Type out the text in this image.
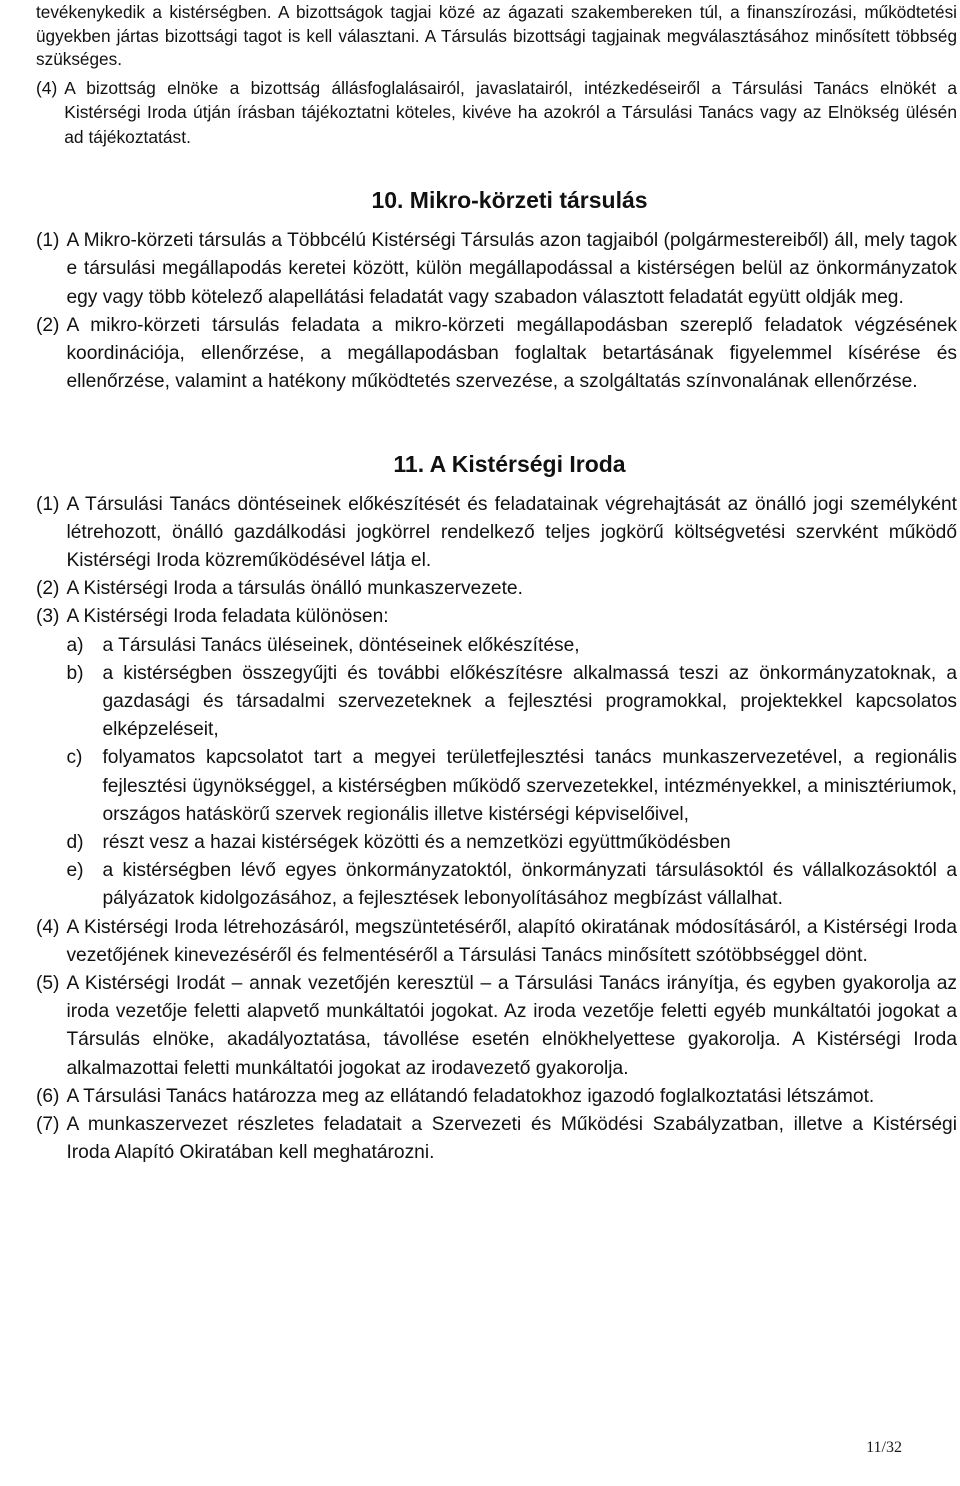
tevékenykedik a kistérségben. A bizottságok tagjai közé az ágazati szakembereken túl, a finanszírozási, működtetési ügyekben jártas bizottsági tagot is kell választani. A Társulás bizottsági tagjainak megválasztásához minősített többség szükséges.

(4) A bizottság elnöke a bizottság állásfoglalásairól, javaslatairól, intézkedéseiről a Társulási Tanács elnökét a Kistérségi Iroda útján írásban tájékoztatni köteles, kivéve ha azokról a Társulási Tanács vagy az Elnökség ülésén ad tájékoztatást.
10. Mikro-körzeti társulás
(1) A Mikro-körzeti társulás a Többcélú Kistérségi Társulás azon tagjaiból (polgármestereiből) áll, mely tagok e társulási megállapodás keretei között, külön megállapodással a kistérségen belül az önkormányzatok egy vagy több kötelező alapellátási feladatát vagy szabadon választott feladatát együtt oldják meg.
(2) A mikro-körzeti társulás feladata a mikro-körzeti megállapodásban szereplő feladatok végzésének koordinációja, ellenőrzése, a megállapodásban foglaltak betartásának figyelemmel kísérése és ellenőrzése, valamint a hatékony működtetés szervezése, a szolgáltatás színvonalának ellenőrzése.
11. A Kistérségi Iroda
(1) A Társulási Tanács döntéseinek előkészítését és feladatainak végrehajtását az önálló jogi személyként létrehozott, önálló gazdálkodási jogkörrel rendelkező teljes jogkörű költségvetési szervként működő Kistérségi Iroda közreműködésével látja el.
(2) A Kistérségi Iroda a társulás önálló munkaszervezete.
(3) A Kistérségi Iroda feladata különösen:
a) a Társulási Tanács üléseinek, döntéseinek előkészítése,
b) a kistérségben összegyűjti és további előkészítésre alkalmassá teszi az önkormányzatoknak, a gazdasági és társadalmi szervezeteknek a fejlesztési programokkal, projektekkel kapcsolatos elképzeléseit,
c)	folyamatos kapcsolatot tart a megyei területfejlesztési tanács munkaszervezetével, a regionális fejlesztési ügynökséggel, a kistérségben működő szervezetekkel, intézményekkel, a minisztériumok, országos hatáskörű szervek regionális illetve kistérségi képviselőivel,
d) részt vesz a hazai kistérségek közötti és a nemzetközi együttműködésben
e) a kistérségben lévő egyes önkormányzatoktól, önkormányzati társulásoktól és vállalkozásoktól a pályázatok kidolgozásához, a fejlesztések lebonyolításához megbízást vállalhat.
(4) A Kistérségi Iroda létrehozásáról, megszüntetéséről, alapító okiratának módosításáról, a Kistérségi Iroda vezetőjének kinevezéséről és felmentéséről a Társulási Tanács minősített szótöbbséggel dönt.
(5) A Kistérségi Irodát – annak vezetőjén keresztül – a Társulási Tanács irányítja, és egyben gyakorolja az iroda vezetője feletti alapvető munkáltatói jogokat. Az iroda vezetője feletti egyéb munkáltatói jogokat a Társulás elnöke, akadályoztatása, távollése esetén elnökhelyettese gyakorolja. A Kistérségi Iroda alkalmazottai feletti munkáltatói jogokat az irodavezető gyakorolja.
(6) A Társulási Tanács határozza meg az ellátandó feladatokhoz igazodó foglalkoztatási létszámot.
(7) A munkaszervezet részletes feladatait a Szervezeti és Működési Szabályzatban, illetve a Kistérségi Iroda Alapító Okiratában kell meghatározni.
11/32
